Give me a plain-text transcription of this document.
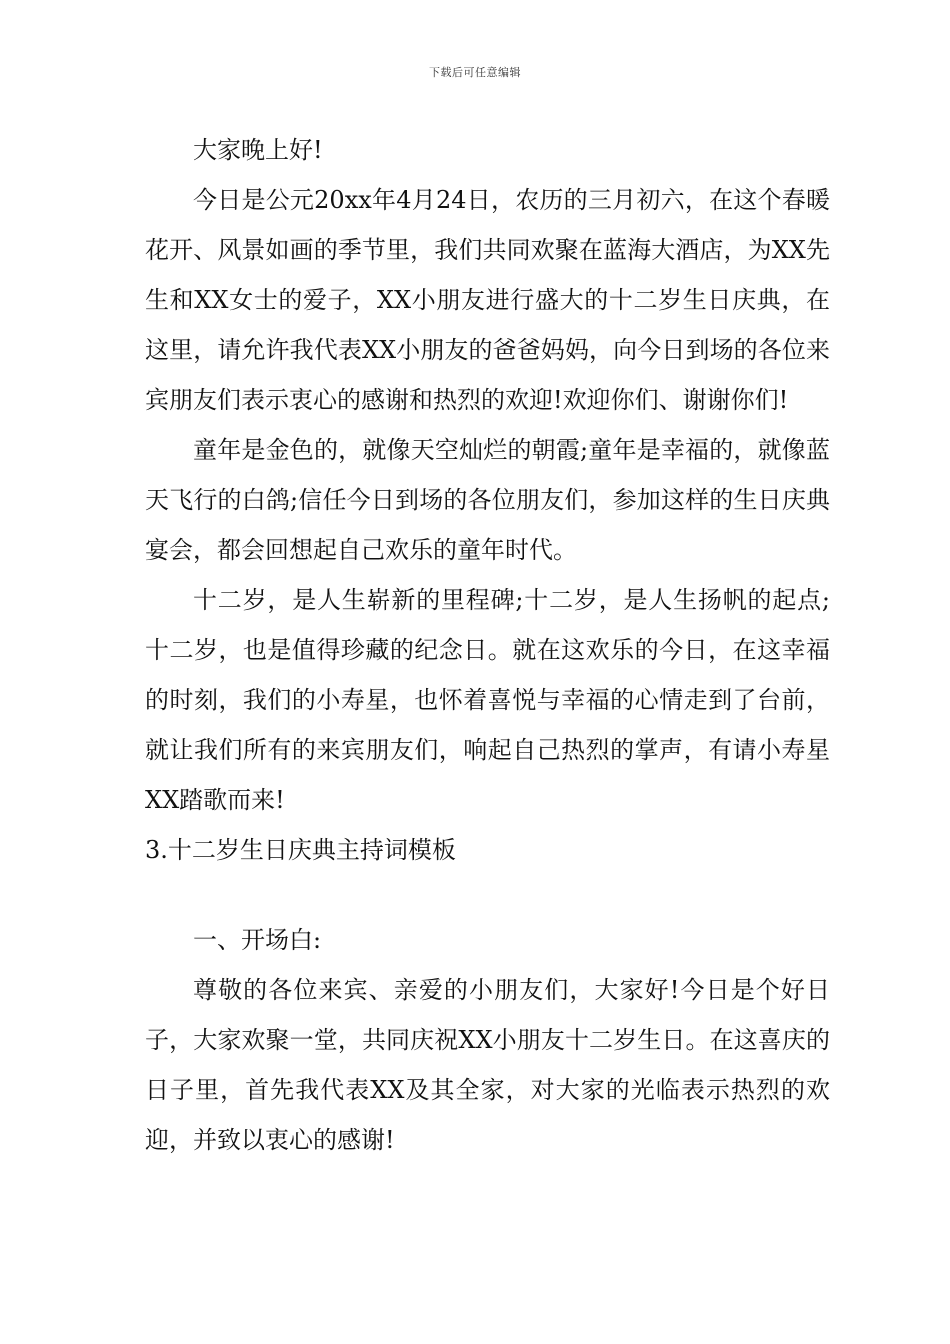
下载后可任意编辑

大家晚上好!

今日是公元20xx年4月24日，农历的三月初六，在这个春暖花开、风景如画的季节里，我们共同欢聚在蓝海大酒店，为XX先生和XX女士的爱子，XX小朋友进行盛大的十二岁生日庆典，在这里，请允许我代表XX小朋友的爸爸妈妈，向今日到场的各位来宾朋友们表示衷心的感谢和热烈的欢迎!欢迎你们、谢谢你们!

童年是金色的，就像天空灿烂的朝霞;童年是幸福的，就像蓝天飞行的白鸽;信任今日到场的各位朋友们，参加这样的生日庆典宴会，都会回想起自己欢乐的童年时代。

十二岁，是人生崭新的里程碑;十二岁，是人生扬帆的起点;十二岁，也是值得珍藏的纪念日。就在这欢乐的今日，在这幸福的时刻，我们的小寿星，也怀着喜悦与幸福的心情走到了台前，就让我们所有的来宾朋友们，响起自己热烈的掌声，有请小寿星XX踏歌而来!

3.十二岁生日庆典主持词模板

一、开场白:

尊敬的各位来宾、亲爱的小朋友们，大家好!今日是个好日子，大家欢聚一堂，共同庆祝XX小朋友十二岁生日。在这喜庆的日子里，首先我代表XX及其全家，对大家的光临表示热烈的欢迎，并致以衷心的感谢!
